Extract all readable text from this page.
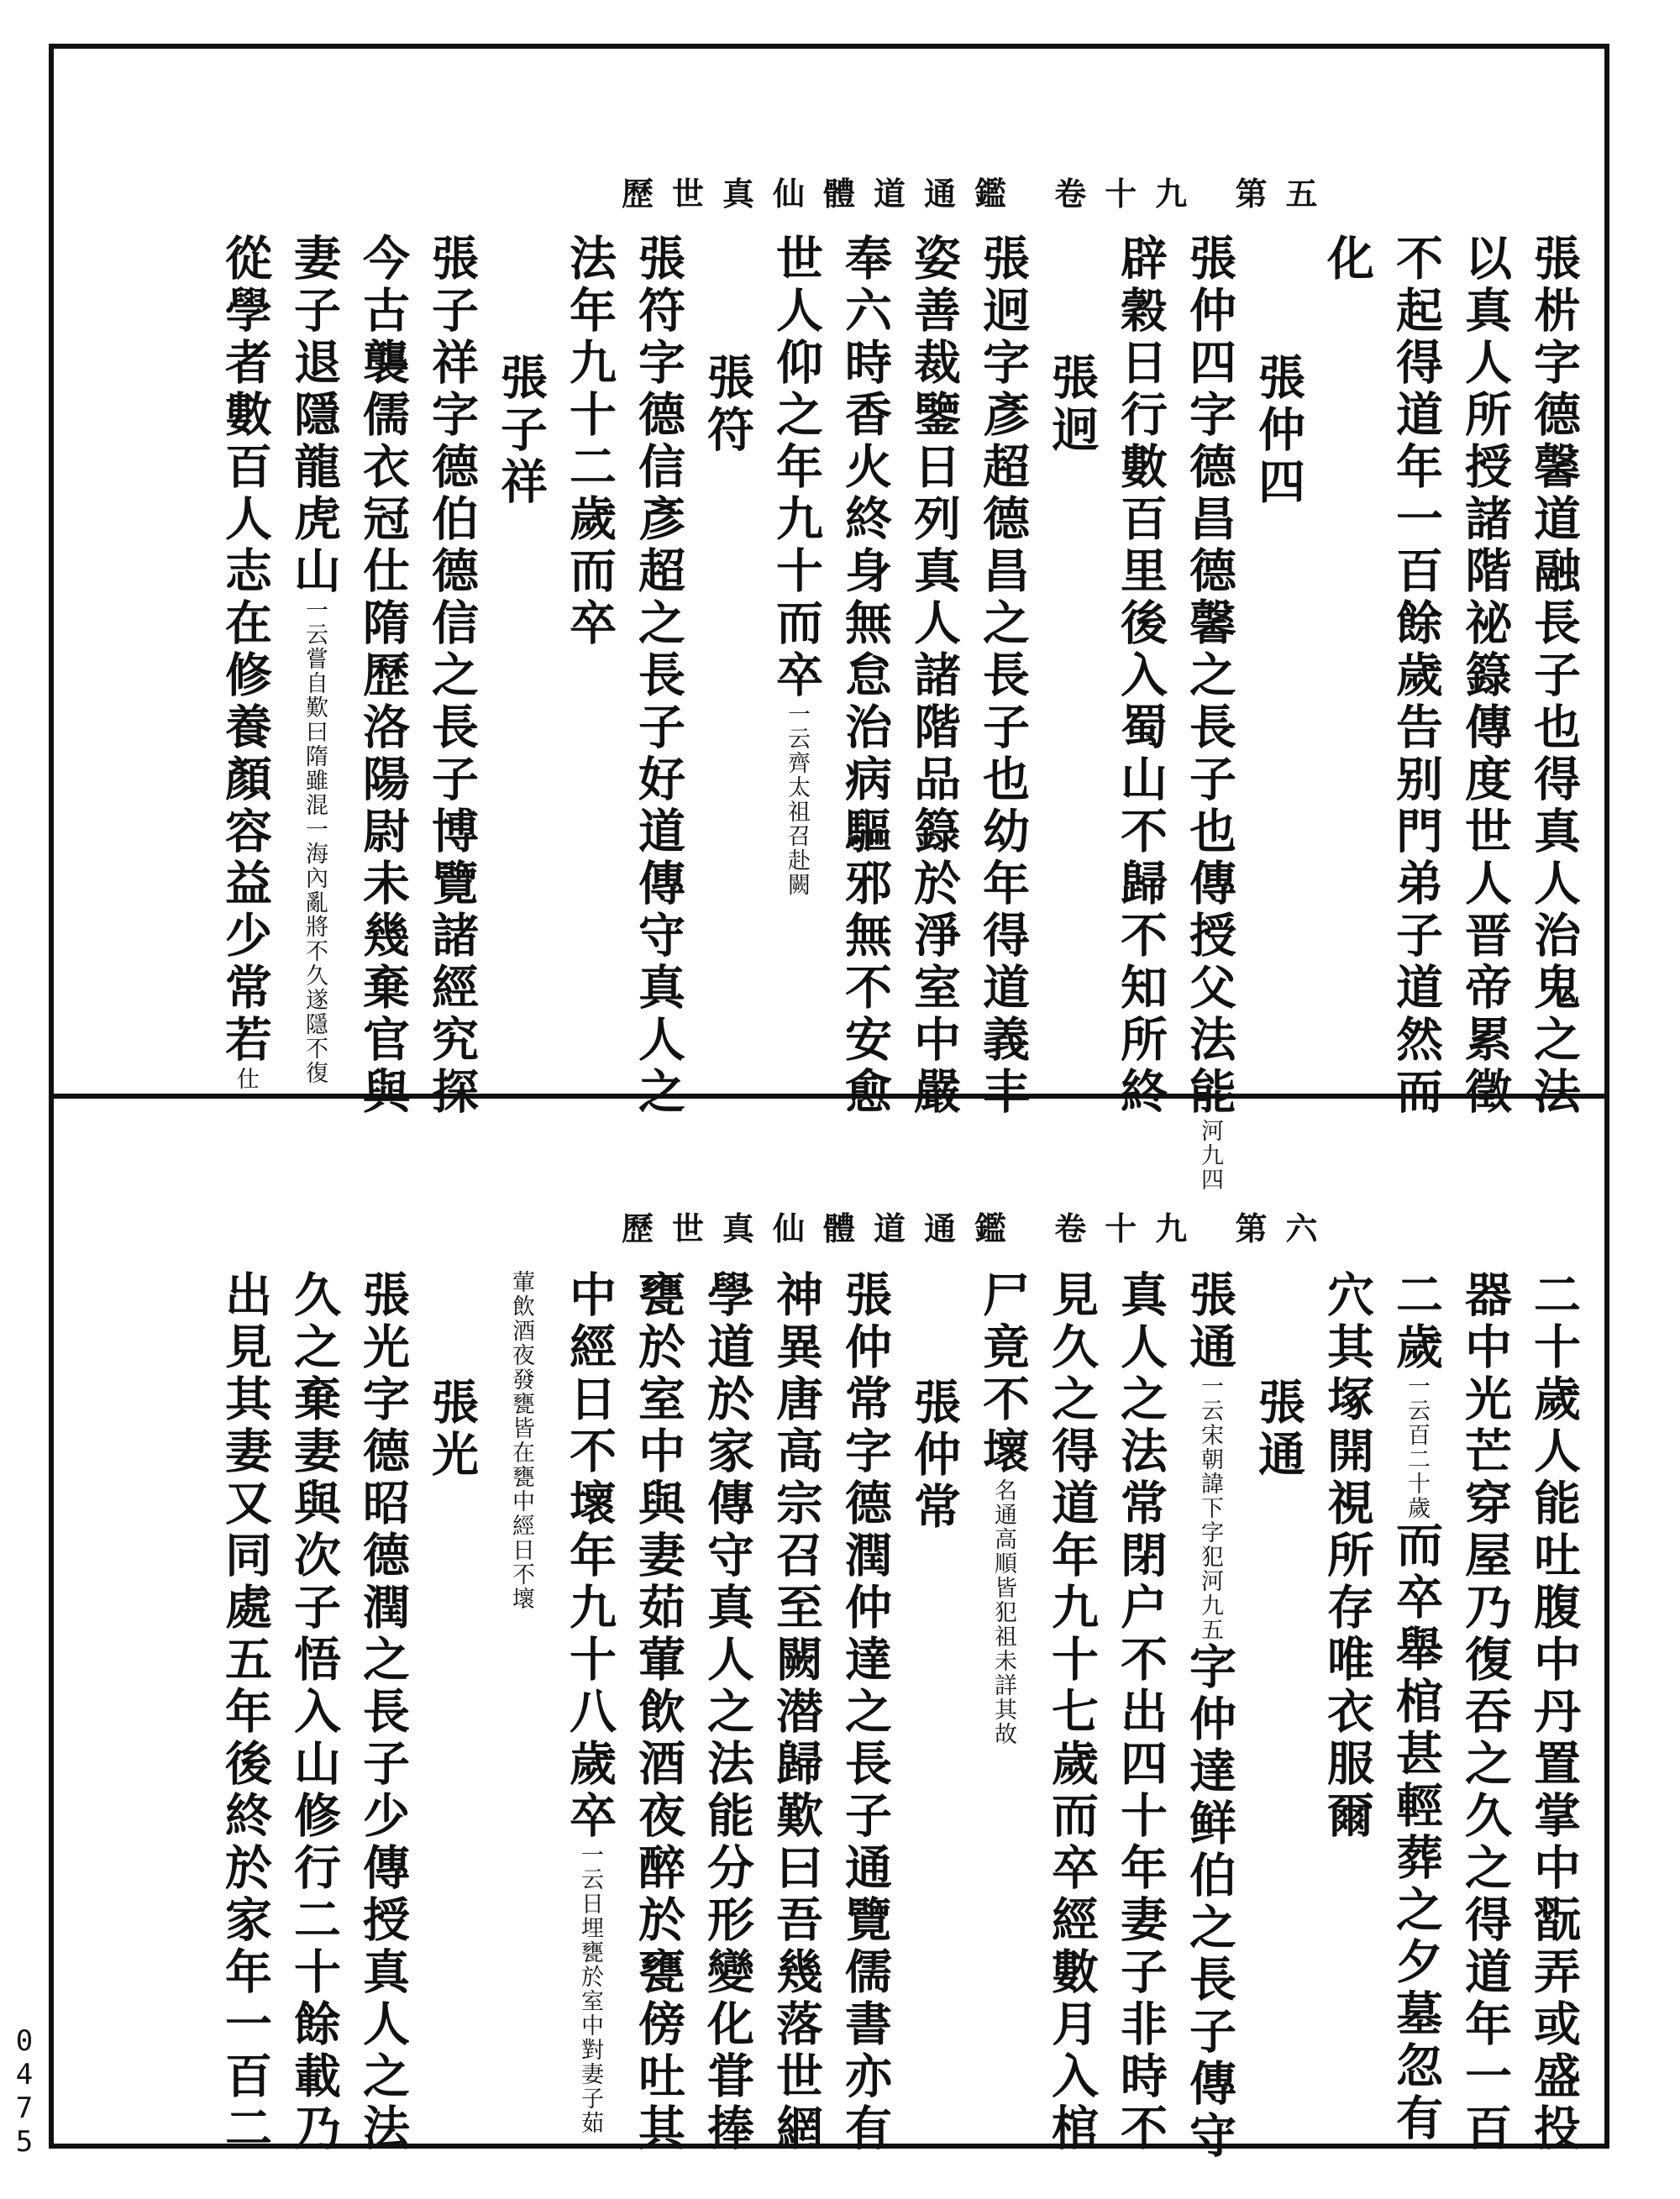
歷世真仙體道通鑑 卷十九 第五
歷世真仙體道通鑑 卷十九 第六
張㭊字德馨道融長子也得真人治鬼之法
以真人所授諸階祕籙傳度世人晋帝累徵
不起得道年一百餘歲告别門弟子道然而
化
張仲四
張仲四字德昌德馨之長子也傳授父法能河九四
辟穀日行數百里後入蜀山不歸不知所終
張迥
張迥字彥超德昌之長子也幼年得道義丰
姿善裁鑒日列真人諸階品籙於淨室中嚴
奉六時香火終身無怠治病驅邪無不安愈
世人仰之年九十而卒一云齊太祖召赴闕
張符
張符字德信彥超之長子好道傳守真人之
法年九十二歲而卒
張子祥
張子祥字德伯德信之長子博覽諸經究探
今古襲儒衣冠仕隋歷洛陽尉未幾棄官與
妻子退隱龍虎山一云嘗自歎曰隋雖混一海內亂將不久遂隱不復
從學者數百人志在修養顏容益少常若仕
二十歲人能吐腹中丹置掌中翫弄或盛投
器中光芒穿屋乃復吞之久之得道年一百
二歲一云百二十歲而卒舉棺甚輕葬之夕墓忽有
穴其塚開視所存唯衣服爾
張通
張通一云宋朝諱下字犯河九五字仲達鲜伯之長子傳守
真人之法常閉户不出四十年妻子非時不
見久之得道年九十七歲而卒經數月入棺
尸竟不壞名通高順皆犯祖未詳其故
張仲常
張仲常字德潤仲達之長子通覽儒書亦有
神異唐高宗召至闕潜歸歎曰吾幾落世網
學道於家傳守真人之法能分形變化甞捧
甕於室中與妻茹葷飲酒夜醉於甕傍吐其
中經日不壞年九十八歲卒一云日埋甕於室中對妻子茹
葷飲酒夜發甕皆在甕中經日不壞
張光
張光字德昭德潤之長子少傳授真人之法
久之棄妻與次子悟入山修行二十餘載乃
出見其妻又同處五年後終於家年一百二
0475
